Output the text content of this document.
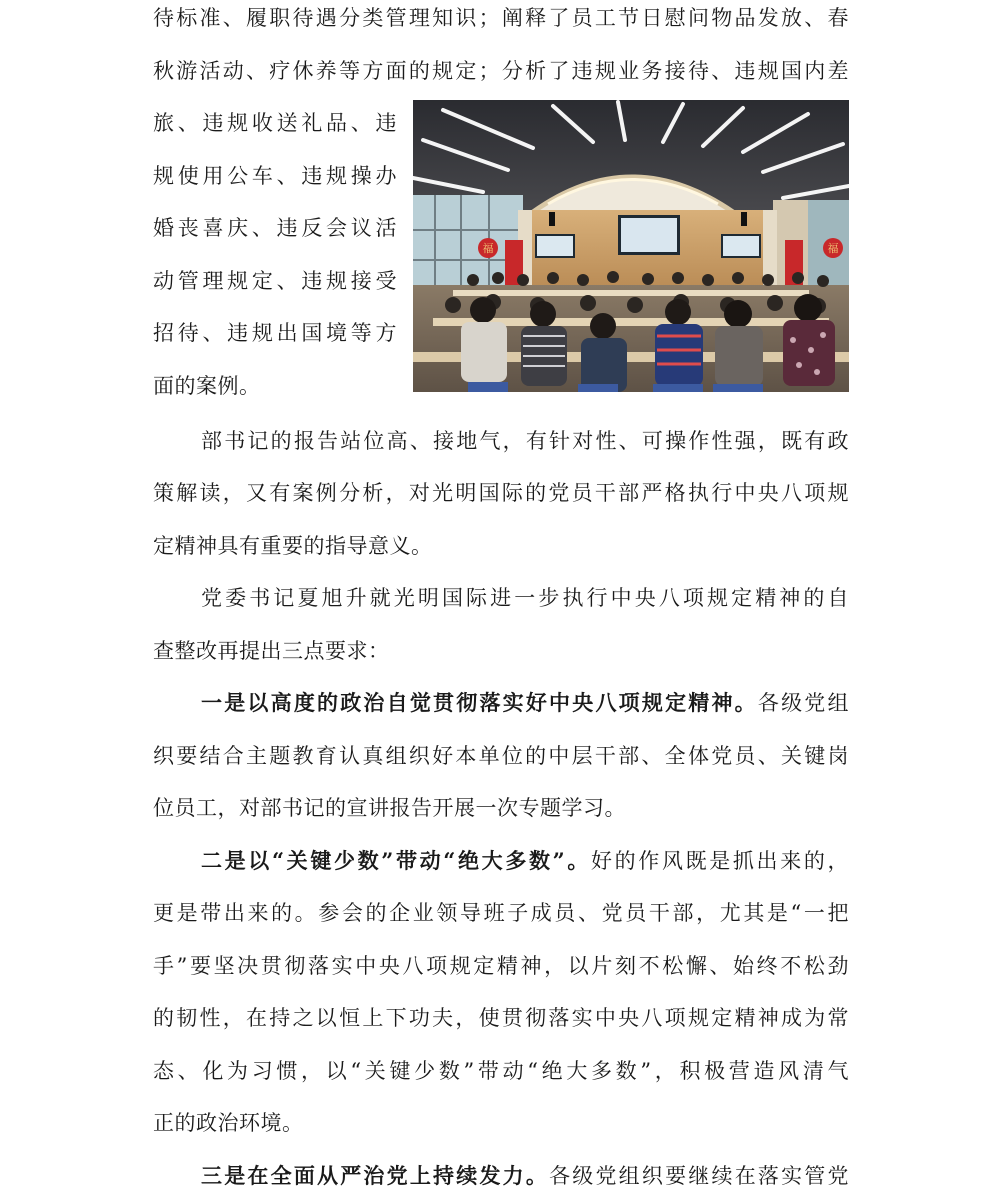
待标准、履职待遇分类管理知识；阐释了员工节日慰问物品发放、春
秋游活动、疗休养等方面的规定；分析了违规业务接待、违规国内差
旅、违规收送礼品、违
规使用公车、违规操办
婚丧喜庆、违反会议活
动管理规定、违规接受
招待、违规出国境等方
面的案例。
福	福
部书记的报告站位高、接地气，有针对性、可操作性强，既有政
策解读，又有案例分析，对光明国际的党员干部严格执行中央八项规
定精神具有重要的指导意义。
党委书记夏旭升就光明国际进一步执行中央八项规定精神的自
查整改再提出三点要求：
一是以高度的政治自觉贯彻落实好中央八项规定精神。各级党组
织要结合主题教育认真组织好本单位的中层干部、全体党员、关键岗
位员工，对部书记的宣讲报告开展一次专题学习。
二是以“关键少数”带动“绝大多数”。好的作风既是抓出来的，
更是带出来的。参会的企业领导班子成员、党员干部，尤其是“一把
手”要坚决贯彻落实中央八项规定精神，以片刻不松懈、始终不松劲
的韧性，在持之以恒上下功夫，使贯彻落实中央八项规定精神成为常
态、化为习惯，以“关键少数”带动“绝大多数”，积极营造风清气
正的政治环境。
三是在全面从严治党上持续发力。各级党组织要继续在落实管党
